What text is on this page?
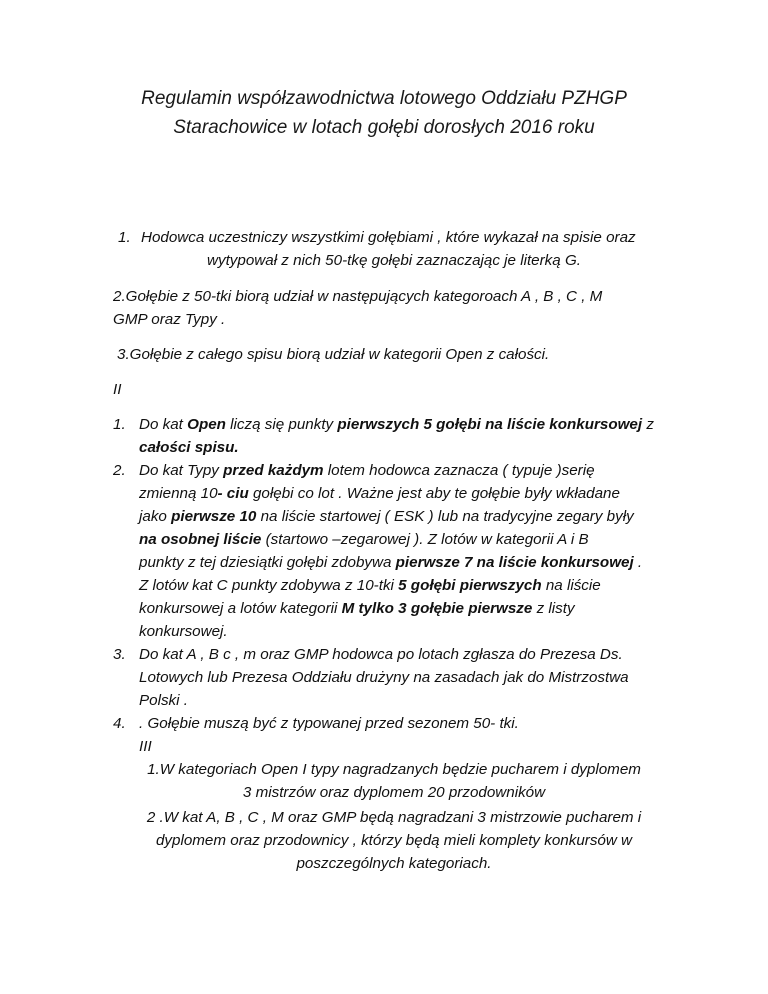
Regulamin współzawodnictwa lotowego Oddziału PZHGP
Starachowice w lotach gołębi dorosłych 2016 roku
1. Hodowca uczestniczy wszystkimi gołębiami , które wykazał na spisie oraz

wytypował z nich 50-tkę gołębi zaznaczając je literką G.

2.Gołębie z 50-tki biorą udział w następujących kategoroach A , B , C , M

GMP oraz Typy .

3.Gołębie z całego spisu biorą udział w kategorii Open z całości.

II

1. Do kat Open liczą się punkty pierwszych 5 gołębi na liście konkursowej z

całości spisu.

2. Do kat Typy przed każdym lotem hodowca zaznacza ( typuje )serię

zmienną 10- ciu gołębi co lot . Ważne jest aby te gołębie były wkładane

jako pierwsze 10 na liście startowej ( ESK ) lub na tradycyjne zegary były

na osobnej liście (startowo –zegarowej ). Z lotów w kategorii A i B

punkty z tej dziesiątki gołębi zdobywa pierwsze 7 na liście konkursowej .

Z lotów kat C punkty zdobywa z 10-tki 5 gołębi pierwszych na liście

konkursowej a lotów kategorii M tylko 3 gołębie pierwsze z listy

konkursowej.

3. Do kat A , B c , m oraz GMP hodowca po lotach zgłasza do Prezesa Ds.

Lotowych lub Prezesa Oddziału drużyny na zasadach jak do Mistrzostwa

Polski .

4. . Gołębie muszą być z typowanej przed sezonem 50- tki.

III

1.W kategoriach Open I typy nagradzanych będzie pucharem i dyplomem

3 mistrzów oraz dyplomem 20 przodowników

2 .W kat A, B , C , M oraz GMP będą nagradzani 3 mistrzowie pucharem i

dyplomem oraz przodownicy , którzy będą mieli komplety konkursów w

poszczególnych kategoriach.
